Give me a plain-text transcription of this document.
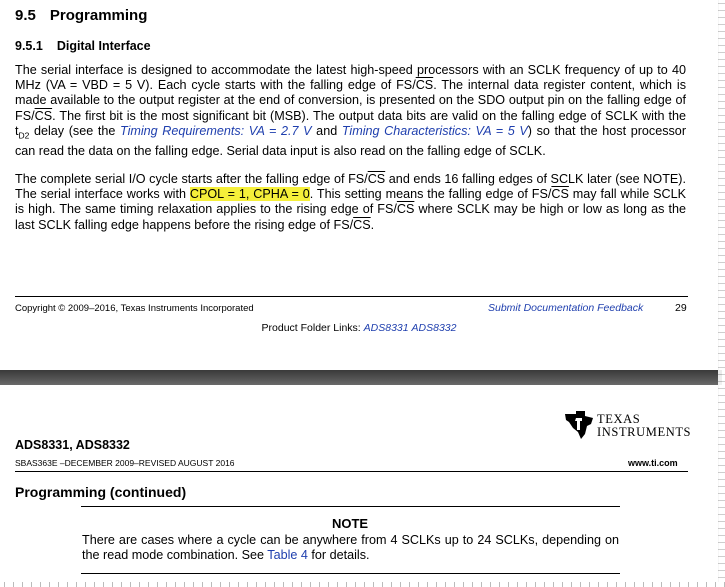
9.5 Programming
9.5.1 Digital Interface

The serial interface is designed to accommodate the latest high-speed processors with an SCLK frequency of up to 40 MHz (VA = VBD = 5 V). Each cycle starts with the falling edge of $FS/\overline{CS}$. The internal data register content, which is made available to the output register at the end of conversion, is presented on the SDO output pin on the falling edge of $FS/\overline{CS}$. The first bit is the most significant bit (MSB). The output data bits are valid on the falling edge of SCLK with the $t_{D2}$ delay (see the Timing Requirements: VA = 2.7 V and Timing Characteristics: VA = 5 V) so that the host processor can read the data on the falling edge. Serial data input is also read on the falling edge of SCLK.

The complete serial I/O cycle starts after the falling edge of $FS/\overline{CS}$ and ends 16 falling edges of SCLK later (see NOTE). The serial interface works with CPOL = 1, CPHA = 0. This setting means the falling edge of $FS/\overline{CS}$ may fall while SCLK is high. The same timing relaxation applies to the rising edge of $FS/\overline{CS}$ where SCLK may be high or low as long as the last SCLK falling edge happens before the rising edge of $FS/\overline{CS}$.

Copyright © 2009–2016, Texas Instruments Incorporated	Submit Documentation Feedback	29
Product Folder Links: ADS8331 ADS8332
TEXAS
INSTRUMENTS
ADS8331, ADS8332
SBAS363E –DECEMBER 2009–REVISED AUGUST 2016	www.ti.com
Programming (continued)
NOTE

There are cases where a cycle can be anywhere from 4 SCLKs up to 24 SCLKs, depending on the read mode combination. See Table 4 for details.
